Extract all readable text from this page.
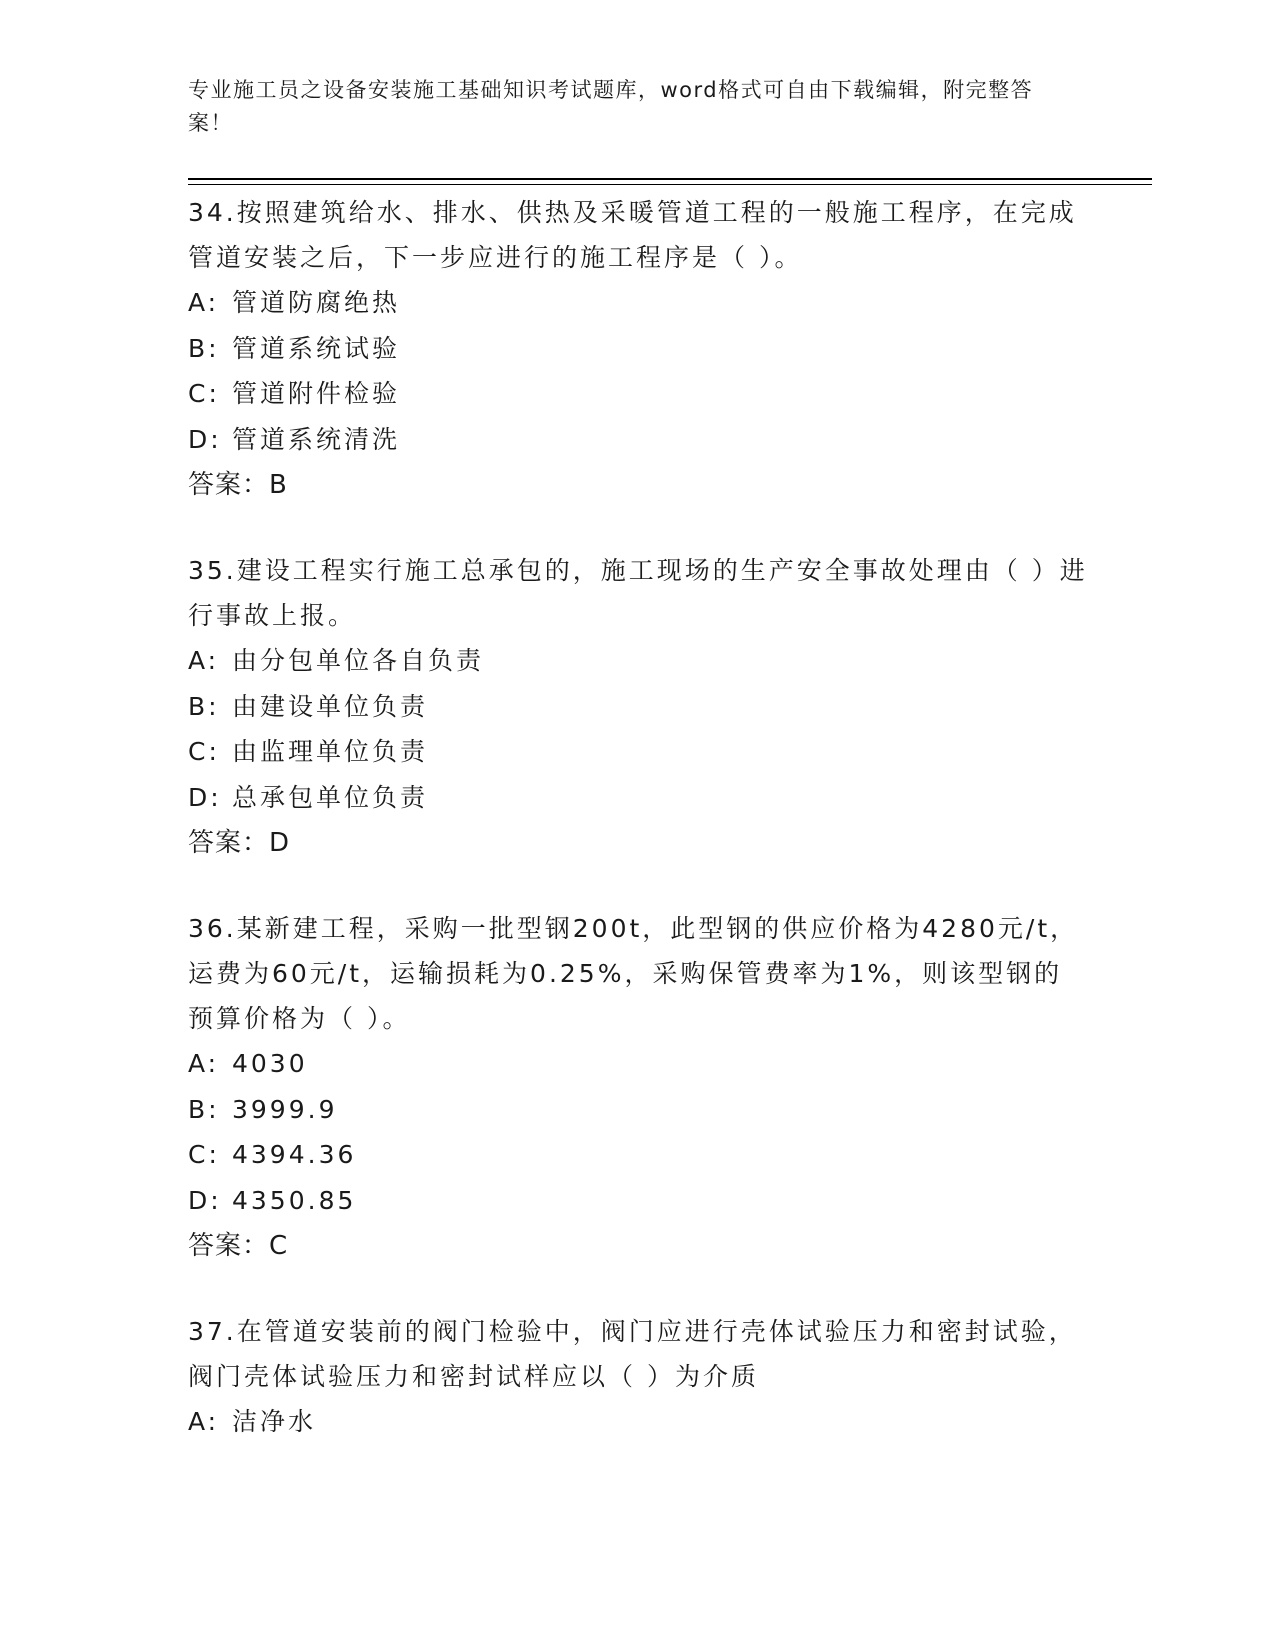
专业施工员之设备安装施工基础知识考试题库，word格式可自由下载编辑，附完整答案！

34.按照建筑给水、排水、供热及采暖管道工程的一般施工程序，在完成管道安装之后，下一步应进行的施工程序是（ ）。

A: 管道防腐绝热

B: 管道系统试验

C: 管道附件检验

D: 管道系统清洗

答案：B

35.建设工程实行施工总承包的，施工现场的生产安全事故处理由（ ）进行事故上报。

A: 由分包单位各自负责

B: 由建设单位负责

C: 由监理单位负责

D: 总承包单位负责

答案：D

36.某新建工程，采购一批型钢200t，此型钢的供应价格为4280元/t，运费为60元/t，运输损耗为0.25%，采购保管费率为1%，则该型钢的预算价格为（ ）。

A: 4030

B: 3999.9

C: 4394.36

D: 4350.85

答案：C

37.在管道安装前的阀门检验中，阀门应进行壳体试验压力和密封试验，阀门壳体试验压力和密封试样应以（ ）为介质

A: 洁净水
